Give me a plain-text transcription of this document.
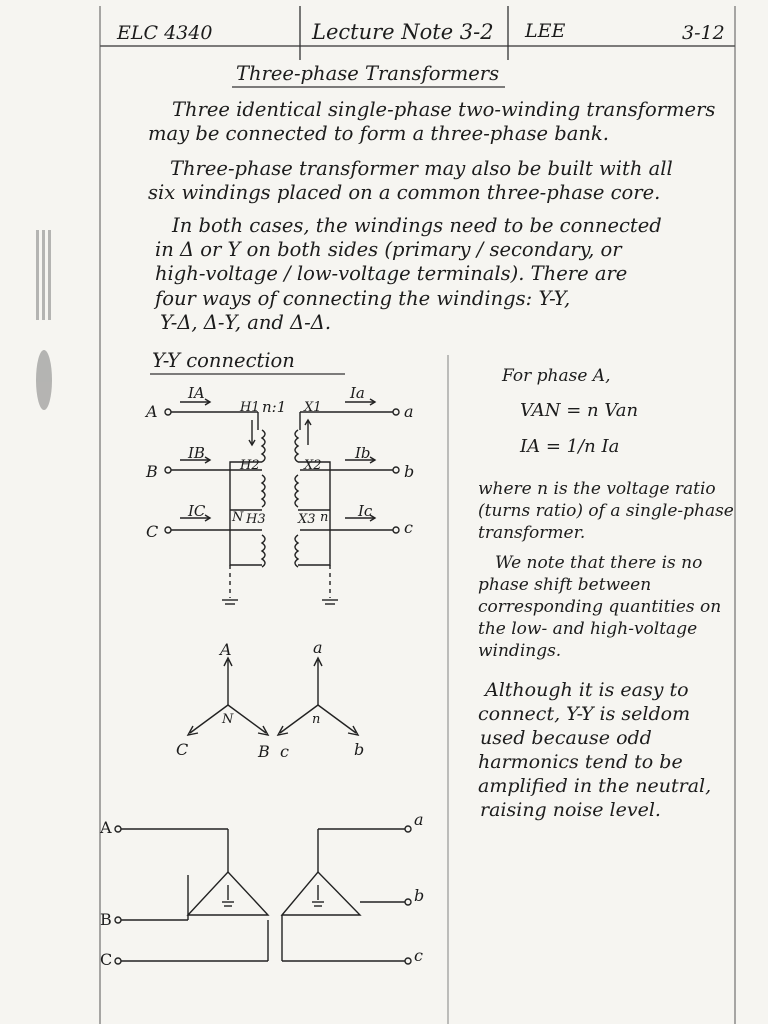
ELC 4340	Lecture Note 3-2 LEE	3-12
Three-phase Transformers
Three identical single-phase two-winding transformers
may be connected to form a three-phase bank.
Three-phase transformer may also be built with all
six windings placed on a common three-phase core.
In both cases, the windings need to be connected
in Δ or Y on both sides (primary / secondary, or
high-voltage / low-voltage terminals). There are
four ways of connecting the windings: Y-Y,
Y-Δ, Δ-Y, and Δ-Δ.
Y-Y connection
A
B
C
a
b
c
IA
IB
IC
Ia
Ib
Ic
n:1
H1
H2
H3
X1
X2
X3
N	n
For phase A,
VAN = n Van
IA = 1/n Ia
where n is the voltage ratio
(turns ratio) of a single-phase
transformer.
We note that there is no
phase shift between
corresponding quantities on
the low- and high-voltage
windings.
Although it is easy to
connect, Y-Y is seldom
used because odd
harmonics tend to be
amplified in the neutral,
raising noise level.
A
B
C
N
a
b
c
n
A
B
C
a
b
c
